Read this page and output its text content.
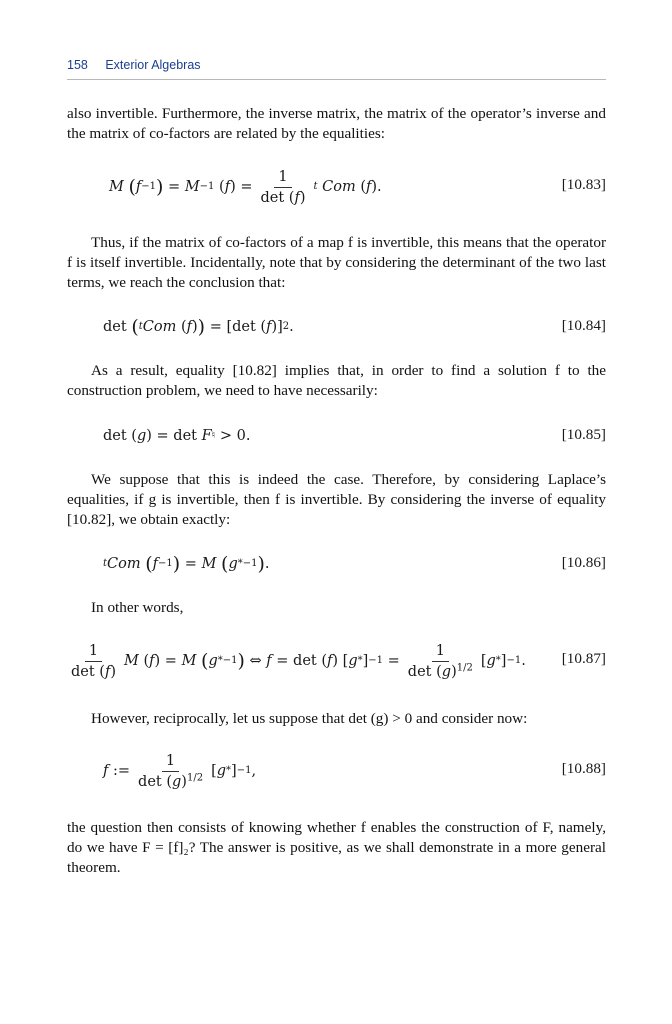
158 Exterior Algebras

also invertible. Furthermore, the inverse matrix, the matrix of the operator’s inverse and the matrix of co-factors are related by the equalities:

M
( f −1 ) = M −1 ( f ) = $\frac{1}{\det (f)}$ t
Com ( f ).	[10.83]

Thus, if the matrix of co-factors of a map f is invertible, this means that the operator f is itself invertible. Incidentally, note that by considering the determinant of the two last terms, we reach the conclusion that:

det ( t Com ( f ) ) = [det ( f )] 2 .	[10.84]

As a result, equality [10.82] implies that, in order to find a solution f to the construction problem, we need to have necessarily:

det ( g ) = det F ♮ > 0.	[10.85]

We suppose that this is indeed the case. Therefore, by considering Laplace’s equalities, if g is invertible, then f is invertible. By considering the inverse of equality [10.82], we obtain exactly:

t Com
( f −1 ) = M
( g *−1 ) .	[10.86]

In other words,

$\frac{1}{\det (f)}$ M ( f ) = M
( g *−1 ) ⇔ f = det ( f ) [ g * ] $-1 = \frac{1}{\det (g)^{1/2}}$ [ g * ] −1 . [10.87]

However, reciprocally, let us suppose that det (g) > 0 and consider now:

f := $\frac{1}{\det (g)^{1/2}}$ [ g * ] −1 ,	[10.88]

the question then consists of knowing whether f enables the construction of F, namely, do we have F = [f]₂? The answer is positive, as we shall demonstrate in a more general theorem.
